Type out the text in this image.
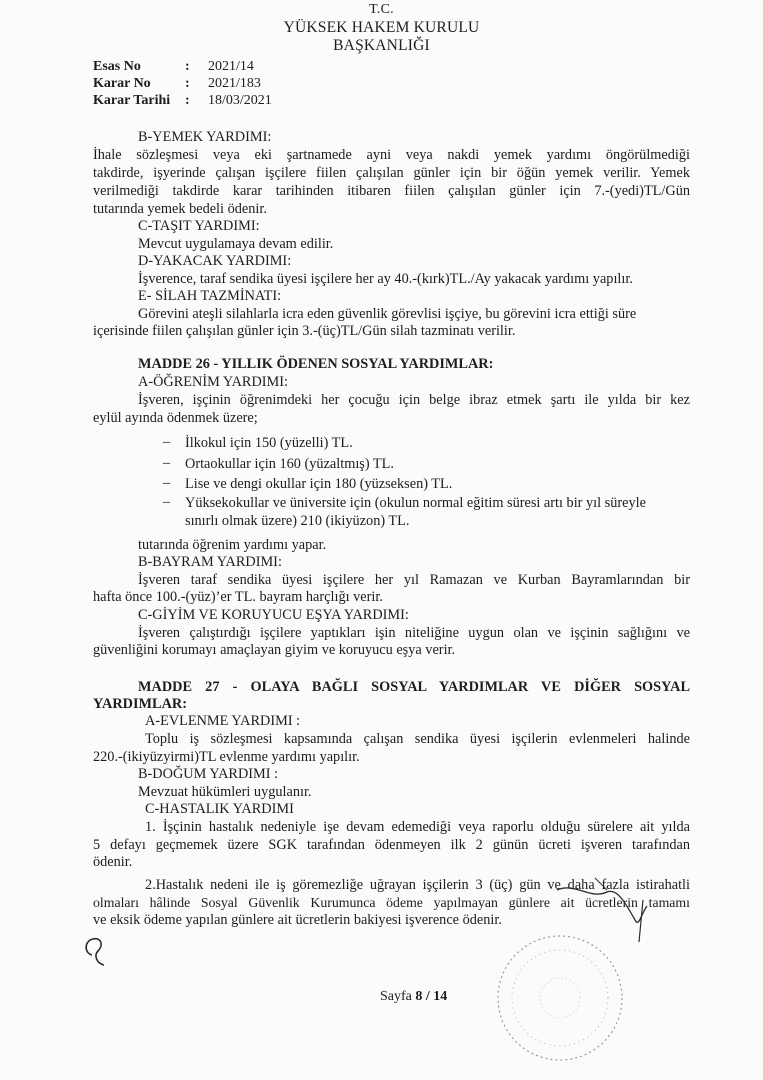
T.C.
YÜKSEK HAKEM KURULU
BAŞKANLIĞI
Esas No	: 2021/14
Karar No : 2021/183
Karar Tarihi : 18/03/2021
B-YEMEK YARDIMI:
İhale sözleşmesi veya eki şartnamede ayni veya nakdi yemek yardımı öngörülmediği
takdirde, işyerinde çalışan işçilere fiilen çalışılan günler için bir öğün yemek verilir. Yemek
verilmediği takdirde karar tarihinden itibaren fiilen çalışılan günler için 7.-(yedi)TL/Gün
tutarında yemek bedeli ödenir.
C-TAŞIT YARDIMI:
Mevcut uygulamaya devam edilir.
D-YAKACAK YARDIMI:
İşverence, taraf sendika üyesi işçilere her ay 40.-(kırk)TL./Ay yakacak yardımı yapılır.
E- SİLAH TAZMİNATI:
Görevini ateşli silahlarla icra eden güvenlik görevlisi işçiye, bu görevini icra ettiği süre
içerisinde fiilen çalışılan günler için 3.-(üç)TL/Gün silah tazminatı verilir.
MADDE 26 - YILLIK ÖDENEN SOSYAL YARDIMLAR:
A-ÖĞRENİM YARDIMI:
İşveren, işçinin öğrenimdeki her çocuğu için belge ibraz etmek şartı ile yılda bir kez
eylül ayında ödenmek üzere;
– İlkokul için 150 (yüzelli) TL.
– Ortaokullar için 160 (yüzaltmış) TL.
– Lise ve dengi okullar için 180 (yüzseksen) TL.
– Yüksekokullar ve üniversite için (okulun normal eğitim süresi artı bir yıl süreyle
sınırlı olmak üzere) 210 (ikiyüzon) TL.
tutarında öğrenim yardımı yapar.
B-BAYRAM YARDIMI:
İşveren taraf sendika üyesi işçilere her yıl Ramazan ve Kurban Bayramlarından bir
hafta önce 100.-(yüz)’er TL. bayram harçlığı verir.
C-GİYİM VE KORUYUCU EŞYA YARDIMI:
İşveren çalıştırdığı işçilere yaptıkları işin niteliğine uygun olan ve işçinin sağlığını ve
güvenliğini korumayı amaçlayan giyim ve koruyucu eşya verir.
MADDE 27 - OLAYA BAĞLI SOSYAL YARDIMLAR VE DİĞER SOSYAL
YARDIMLAR:
A-EVLENME YARDIMI :
Toplu iş sözleşmesi kapsamında çalışan sendika üyesi işçilerin evlenmeleri halinde
220.-(ikiyüzyirmi)TL evlenme yardımı yapılır.
B-DOĞUM YARDIMI :
Mevzuat hükümleri uygulanır.
C-HASTALIK YARDIMI
1. İşçinin hastalık nedeniyle işe devam edemediği veya raporlu olduğu sürelere ait yılda
5 defayı geçmemek üzere SGK tarafından ödenmeyen ilk 2 günün ücreti işveren tarafından
ödenir.
2.Hastalık nedeni ile iş göremezliğe uğrayan işçilerin 3 (üç) gün ve daha fazla istirahatli
olmaları hâlinde Sosyal Güvenlik Kurumunca ödeme yapılmayan günlere ait ücretlerin tamamı
ve eksik ödeme yapılan günlere ait ücretlerin bakiyesi işverence ödenir.
Sayfa 8 / 14
